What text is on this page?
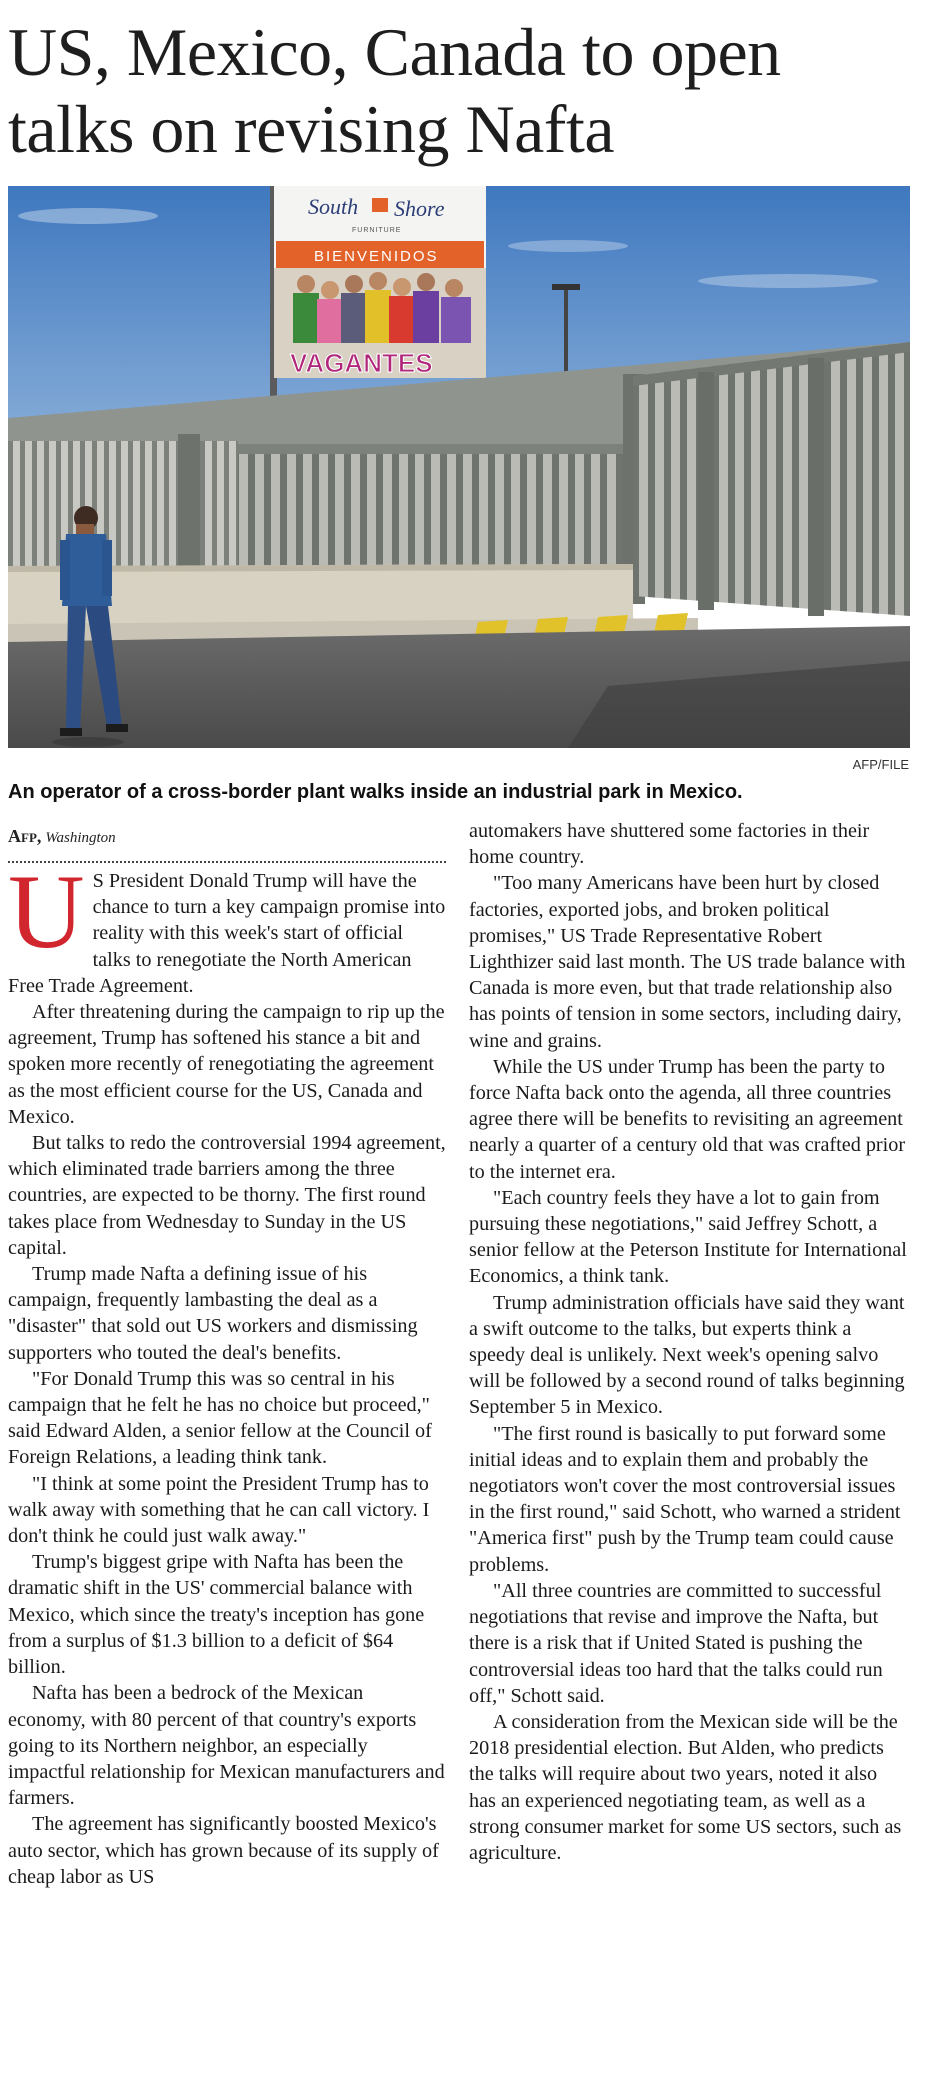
US, Mexico, Canada to open talks on revising Nafta
South Shore
FURNITURE
BIENVENIDOS
VAGANTES
AFP/FILE

An operator of a cross-border plant walks inside an industrial park in Mexico.

Afp, Washington

U S President Donald Trump will have the chance to turn a key campaign promise into reality with this week's start of official talks to renegotiate the North American Free Trade Agreement.

After threatening during the campaign to rip up the agreement, Trump has softened his stance a bit and spoken more recently of renegotiating the agreement as the most efficient course for the US, Canada and Mexico.

But talks to redo the controversial 1994 agreement, which eliminated trade barriers among the three countries, are expected to be thorny. The first round takes place from Wednesday to Sunday in the US capital.

Trump made Nafta a defining issue of his campaign, frequently lambasting the deal as a "disaster" that sold out US workers and dismissing supporters who touted the deal's benefits.

"For Donald Trump this was so central in his campaign that he felt he has no choice but proceed," said Edward Alden, a senior fellow at the Council of Foreign Relations, a leading think tank.

"I think at some point the President Trump has to walk away with something that he can call victory. I don't think he could just walk away."

Trump's biggest gripe with Nafta has been the dramatic shift in the US' commercial balance with Mexico, which since the treaty's inception has gone from a surplus of $1.3 billion to a deficit of $64 billion.

Nafta has been a bedrock of the Mexican economy, with 80 percent of that country's exports going to its Northern neighbor, an especially impactful relationship for Mexican manufacturers and farmers.

The agreement has significantly boosted Mexico's auto sector, which has grown because of its supply of cheap labor as US

automakers have shuttered some factories in their home country.

"Too many Americans have been hurt by closed factories, exported jobs, and broken political promises," US Trade Representative Robert Lighthizer said last month. The US trade balance with Canada is more even, but that trade relationship also has points of tension in some sectors, including dairy, wine and grains.

While the US under Trump has been the party to force Nafta back onto the agenda, all three countries agree there will be benefits to revisiting an agreement nearly a quarter of a century old that was crafted prior to the internet era.

"Each country feels they have a lot to gain from pursuing these negotiations," said Jeffrey Schott, a senior fellow at the Peterson Institute for International Economics, a think tank.

Trump administration officials have said they want a swift outcome to the talks, but experts think a speedy deal is unlikely. Next week's opening salvo will be followed by a second round of talks beginning September 5 in Mexico.

"The first round is basically to put forward some initial ideas and to explain them and probably the negotiators won't cover the most controversial issues in the first round," said Schott, who warned a strident "America first" push by the Trump team could cause problems.

"All three countries are committed to successful negotiations that revise and improve the Nafta, but there is a risk that if United Stated is pushing the controversial ideas too hard that the talks could run off," Schott said.

A consideration from the Mexican side will be the 2018 presidential election. But Alden, who predicts the talks will require about two years, noted it also has an experienced negotiating team, as well as a strong consumer market for some US sectors, such as agriculture.
